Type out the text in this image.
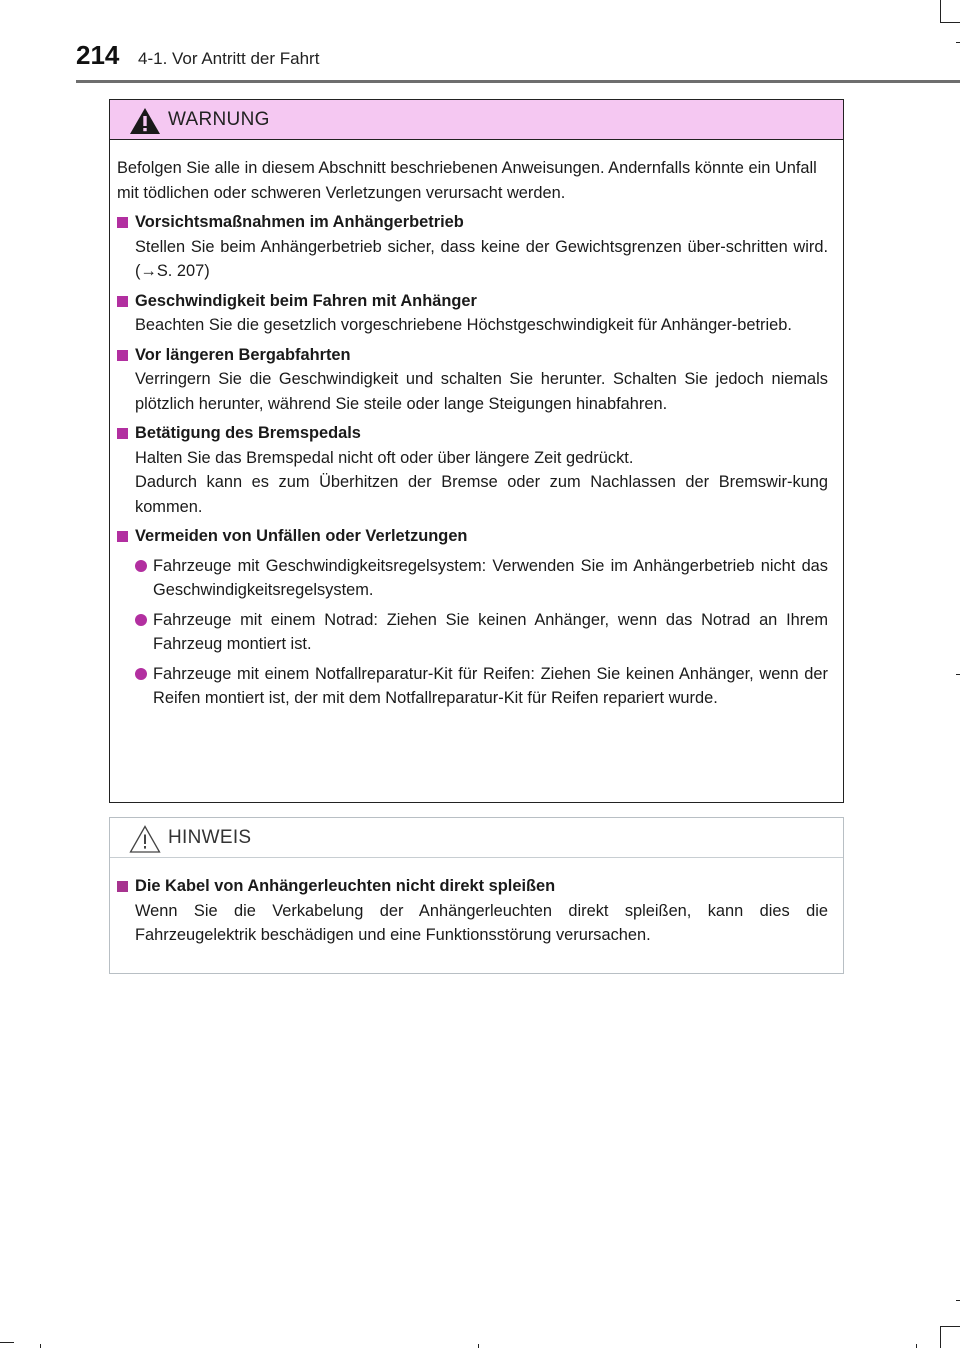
214 4-1. Vor Antritt der Fahrt
WARNUNG

Befolgen Sie alle in diesem Abschnitt beschriebenen Anweisungen. Andernfalls könnte ein Unfall mit tödlichen oder schweren Verletzungen verursacht werden.

Vorsichtsmaßnahmen im Anhängerbetrieb
Stellen Sie beim Anhängerbetrieb sicher, dass keine der Gewichtsgrenzen über-schritten wird. (→S. 207)
Geschwindigkeit beim Fahren mit Anhänger
Beachten Sie die gesetzlich vorgeschriebene Höchstgeschwindigkeit für Anhänger-betrieb.
Vor längeren Bergabfahrten
Verringern Sie die Geschwindigkeit und schalten Sie herunter. Schalten Sie jedoch niemals plötzlich herunter, während Sie steile oder lange Steigungen hinabfahren.
Betätigung des Bremspedals
Halten Sie das Bremspedal nicht oft oder über längere Zeit gedrückt.
Dadurch kann es zum Überhitzen der Bremse oder zum Nachlassen der Bremswir-kung kommen.
Vermeiden von Unfällen oder Verletzungen
Fahrzeuge mit Geschwindigkeitsregelsystem: Verwenden Sie im Anhängerbetrieb nicht das Geschwindigkeitsregelsystem.
Fahrzeuge mit einem Notrad: Ziehen Sie keinen Anhänger, wenn das Notrad an Ihrem Fahrzeug montiert ist.
Fahrzeuge mit einem Notfallreparatur-Kit für Reifen: Ziehen Sie keinen Anhänger, wenn der Reifen montiert ist, der mit dem Notfallreparatur-Kit für Reifen repariert wurde.
HINWEIS
Die Kabel von Anhängerleuchten nicht direkt spleißen
Wenn Sie die Verkabelung der Anhängerleuchten direkt spleißen, kann dies die Fahrzeugelektrik beschädigen und eine Funktionsstörung verursachen.
